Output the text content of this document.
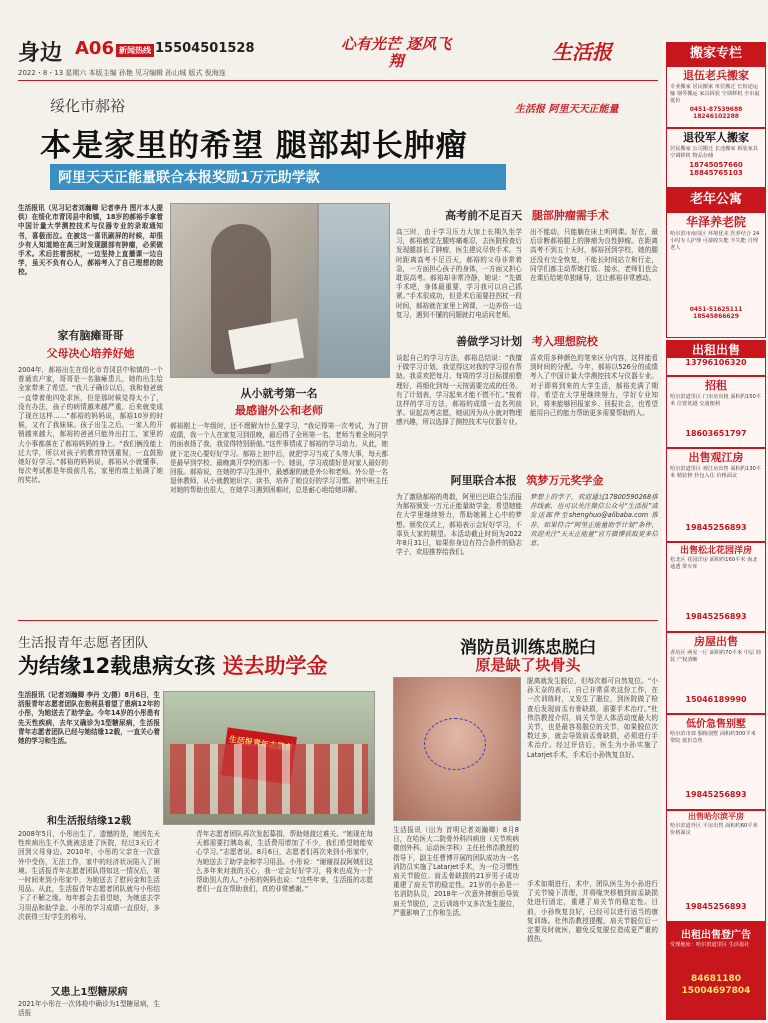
身边 A06 新闻热线 15504501528
2022・8・13 星期六 本版主编 孙艳 见习编辑 孙山城 版式 倪海连
心有光芒 逐风飞翔	生活报
绥化市郝裕	生活报 阿里天天正能量
本是家里的希望 腿部却长肿瘤
阿里天天正能量联合本报奖励1万元助学款
生活报讯（见习记者刘瀚卿 记者李丹 图片本人提供）在绥化市青冈县中和镇，18岁的郝裕手拿着中国计量大学测控技术与仪器专业的录取通知书，喜极而泣。在被这一喜讯刷屏的时候，却很少有人知道她在高三时发现腿部有肿瘤，必须做手术。术后拄着拐杖，一边坚持上直播课一边自学，虽天不负有心人，郝裕考入了自己理想的院校。
家有脑瘫哥哥
父母决心培养好她
2004年，郝裕出生在绥化市青冈县中和镇的一个普通农户家，哥哥是一名脑瘫患儿，她的出生给全家带来了希望。“我儿子确诊以后，我和他爸就一直带着他四处求医，但是那时候觉得太小了，没有办法，孩子的病情越来越严重，后来就变成了现在这样……”郝裕的妈妈说，郝裕10岁的时候，又有了我妹妹。孩子出生之后，一家人的开销越来越大，郝裕的爸爸只能外出打工，家里的大小事都落在了郝裕妈妈的身上。“我们俩没能上过大学，所以对孩子的教育特别重视，一直鼓励她好好学习。”郝裕的妈妈说，郝裕从小就懂事，每次考试都是年级前几名，家里的墙上贴满了她的奖状。
从小就考第一名
最感谢外公和老师
郝裕刚上一年级时，还不理解为什么要学习，“我记得第一次考试，为了拼成绩，我一个人在家复习到很晚，最后得了全班第一名，老师当着全班同学的面表扬了我，我觉得特别骄傲。”这件事情成了郝裕的学习动力，从此，她就下定决心要好好学习。郝裕上初中后，就把学习当成了头等大事，每天都是最早到学校、最晚离开学校的那一个。她说，学习成绩好是对家人最好的回报。郝裕说，在她的学习生涯中，最感谢的就是外公和老师。外公是一名退休教师，从小就教她识字、读书，培养了她良好的学习习惯。初中班主任对她的帮助也很大，在她学习遇到困难时，总是耐心地给她讲解。
高考前不足百天 腿部肿瘤需手术
高三时，由于学习压力大加上长期久坐学习，郝裕感觉左腿疼痛难忍，去医院检查后发现腿部长了肿瘤，医生建议尽快手术。当时距离高考不足百天，郝裕的父母非常着急，一方面担心孩子的身体，一方面又担心耽误高考。郝裕却非常冷静，她说：“先做手术吧，身体最重要，学习我可以自己抓紧。”手术很成功，但是术后需要拄拐杖一段时间，郝裕就在家里上网课，一边养伤一边复习，遇到不懂的问题就打电话问老师。
出不能动，只能躺在床上听网课。好在，最后诊断郝裕腿上的肿瘤为良性肿瘤。在距离高考不到五十天时，郝裕回到学校，她的腿还没有完全恢复，不能长时间站立和行走，同学们都主动帮她打饭、接水，老师们也会在课后给她单独辅导，这让郝裕非常感动。
善做学习计划 考入理想院校
谈起自己的学习方法，郝裕总结说：“我擅于做学习计划，我觉得这对我的学习很有帮助。我喜欢把每月、每周的学习目标提前整理好，再细化到每一天按需要完成的任务。有了计划表，学习起来才能不慌不忙。”按着这样的学习方法，郝裕的成绩一直名列前茅。说起高考志愿，她说因为从小就对物理感兴趣，所以选择了测控技术与仪器专业。
喜欢用多种颜色的笔来区分内容，这样能看到时间的分配。今年，郝裕以526分的成绩考入了中国计量大学测控技术与仪器专业。对于即将到来的大学生活，郝裕充满了期待，希望在大学里继续努力，学好专业知识，将来能够回报家乡、回报社会，也希望能用自己的能力帮助更多需要帮助的人。
阿里联合本报 筑梦万元奖学金
为了激励郝裕的勇敢，阿里巴巴联合生活报为郝裕颁发一万元正能量助学金，希望她能在大学里继续努力，帮助她圆上心中的梦想。颁奖仪式上，郝裕表示会好好学习，不辜负大家的期望。本活动截止时间为2022年8月31日，如果你身边有符合条件的励志学子，欢迎推荐给我们。
梦想上的学子，欢迎通过17800590268推荐线索，也可以关注微信公众号“生活报”或发送邮件至shenghuo@alibaba.com 推荐。如果符合“阿里正能量助学计划”条件，欢迎关注“天天正能量”官方微博获取更多信息。
生活报青年志愿者团队
为结缘12载患病女孩 送去助学金
生活报讯（记者刘瀚卿 李丹 文/摄）8月6日，生活报青年志愿者团队在勃利县看望了患病12年的小彤，为她送去了助学金。今年14岁的小彤患有先天性疾病，去年又确诊为1型糖尿病，生活报青年志愿者团队已经与她结缘12载，一直关心着她的学习和生活。
和生活报结缘12载
2008年5月，小彤出生了，遗憾的是，她因先天性疾病出生不久就被送进了医院，经过3天后才回到父母身边。2010年，小彤的父亲在一次意外中受伤，无法工作，家中的经济状况陷入了困境。生活报青年志愿者团队得知这一情况后，第一时间来到小彤家中，为她送去了慰问金和生活用品。从此，生活报青年志愿者团队就与小彤结下了不解之缘。每年都会去看望她，为她送去学习用品和助学金。小彤的学习成绩一直很好，多次获得三好学生的称号。
又患上1型糖尿病
2021年小彤在一次体检中确诊为1型糖尿病，生活报
青年志愿者团队再次发起募捐，帮助她渡过难关。“她现在每天都需要打胰岛素，生活费用增加了不少，我们希望她能安心学习。”志愿者说。8月6日，志愿者们再次来到小彤家中，为她送去了助学金和学习用品。小彤说：“谢谢叔叔阿姨们这么多年来对我的关心，我一定会好好学习，将来也成为一个帮助别人的人。”小彤的妈妈也说：“这些年来，生活报的志愿者们一直在帮助我们，真的非常感谢。”
消防员训练忠脱臼
原是缺了块骨头
生活报讯（田为 首明记者刘瀚卿）8月8日，在哈医大二院骨外科四病房（关节疾病微创外科、运动医学科）主任杜伟浩教授的指导下，副主任曹博开展的团队成功为一名消防员实施了Latarjet手术，为一位习惯性肩关节脱位、肩盂骨缺损的21岁男子成功重建了肩关节的稳定性。21岁的小孙是一名消防队员，2018年一次意外摔倒后导致肩关节脱位，之后训练中又多次发生脱位，严重影响了工作和生活。
脱离就发生脱位，但每次都可自然复位。“小孙无奈的表示，自己非常喜欢这份工作，在一次训练时，又发生了脱位，到医院做了检查后发现肩盂有骨缺损，需要手术治疗。”杜伟浩教授介绍，肩关节是人体活动度最大的关节，也是最容易脱位的关节，如果脱位次数过多，就会导致肩盂骨缺损，必须进行手术治疗。经过评估后，医生为小孙实施了Latarjet手术，手术后小孙恢复良好。
手术如期进行，术中，团队医生为小孙进行了关节镜下清理，并将喙突移植到肩盂缺损处进行固定，重建了肩关节的稳定性。目前，小孙恢复良好，已经可以进行适当的康复训练。杜伟浩教授提醒，肩关节脱位后一定要及时就医，避免反复脱位造成更严重的损伤。
搬家专栏
退伍老兵搬家
专业搬家 居民搬家 单位搬迁 长短途运输 钢琴搬运 家具拆装 空调移机 全市最低价
0451-87539688 18246102288
退役军人搬家
居民搬家 公司搬迁 长途搬家 拆装家具 空调移机 物品存储
18745057660 18845765103
老年公寓
华泽养老院
哈尔滨市南岗区 环境优美 医养结合 24小时专人护理 可接收失能 半失能 自理老人
0451-51625111 18545866629
出租出售
13796106320
招租
哈尔滨道里区 门市房出租 面积约150平米 位置优越 交通便利
18603651797
出售观江房
哈尔滨道里区 观江房出售 面积约130平米 精装修 拎包入住 价格面议
19845256893
出售松北花园洋房
松北区 花园洋房 面积约160平米 南北通透 带车库
19845256893
房屋出售
香坊区 两室一厅 面积约70平米 中层 简装 产权清晰
15046189990
低价急售别墅
哈尔滨市郊 独栋别墅 面积约300平米 带院 低价急售
19845256893
出售哈尔滨平房
哈尔滨道外区 平房出售 面积约60平米 价格面议
19845256893
出租出售登广告
受理地址：哈尔滨道里区 生活报社
84681180 15004697804
